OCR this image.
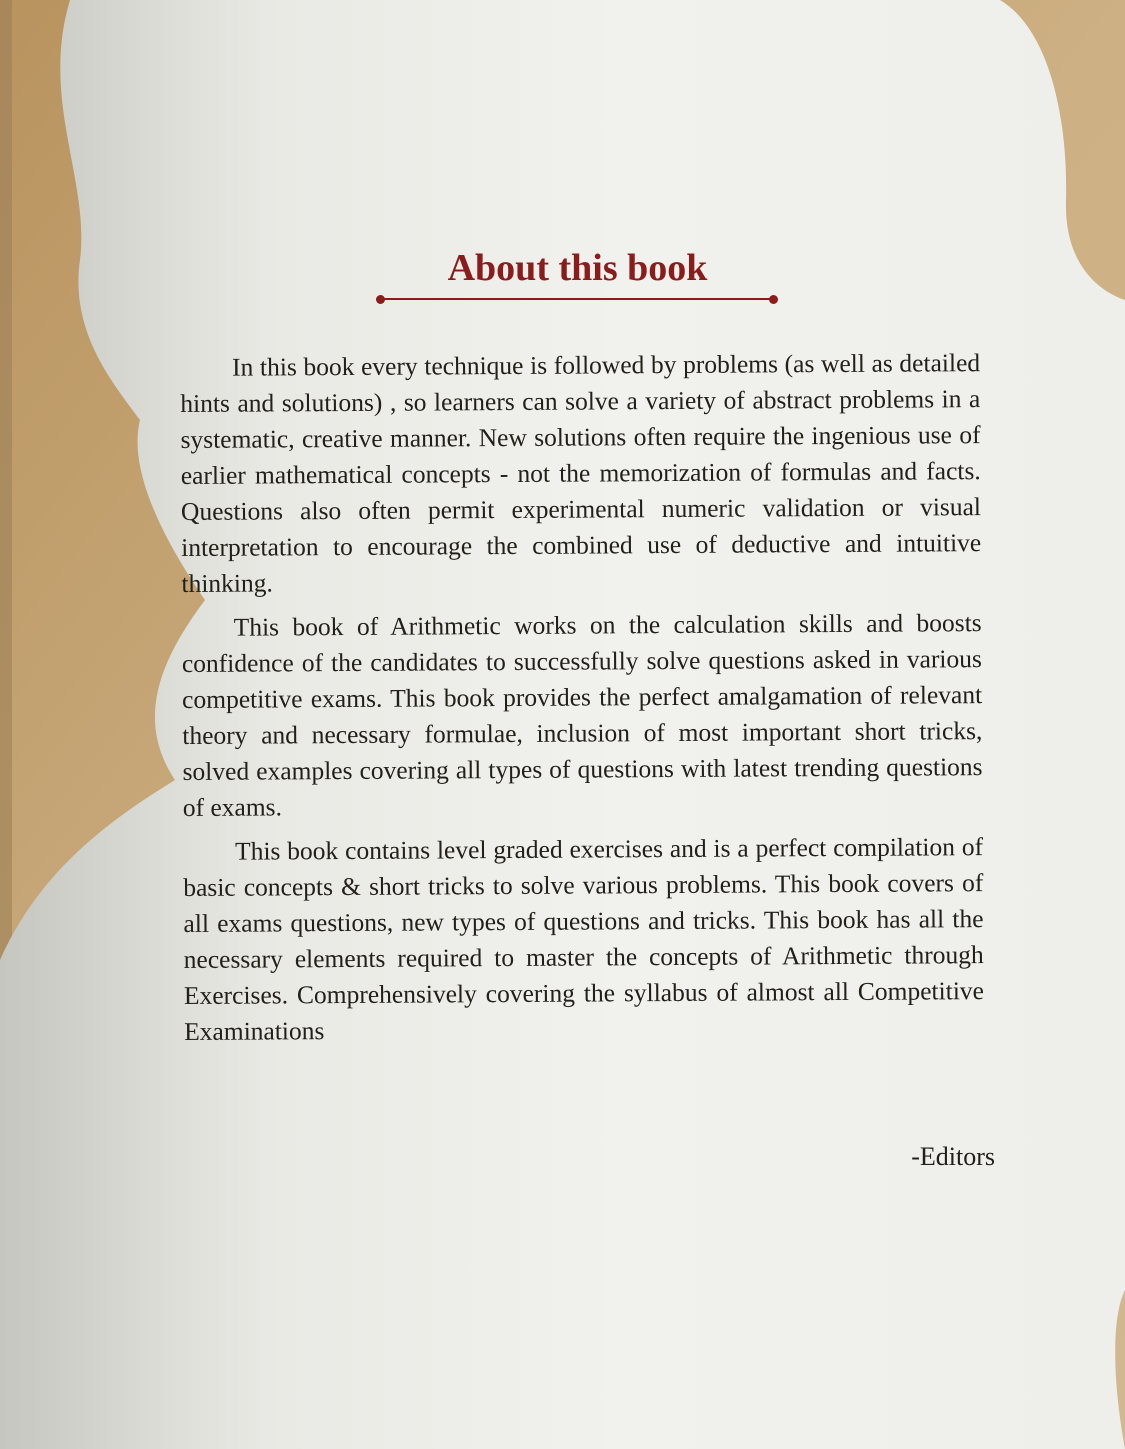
About this book

In this book every technique is followed by problems (as well as detailed hints and solutions) , so learners can solve a variety of abstract problems in a systematic, creative manner. New solutions often require the ingenious use of earlier mathematical concepts - not the memorization of formulas and facts. Questions also often permit experimental numeric validation or visual interpretation to encourage the combined use of deductive and intuitive thinking.

This book of Arithmetic works on the calculation skills and boosts confidence of the candidates to successfully solve questions asked in various competitive exams. This book provides the perfect amalgamation of relevant theory and necessary formulae, inclusion of most important short tricks, solved examples covering all types of questions with latest trending questions of exams.

This book contains level graded exercises and is a perfect compilation of basic concepts & short tricks to solve various problems. This book covers of all exams questions, new types of questions and tricks. This book has all the necessary elements required to master the concepts of Arithmetic through Exercises. Comprehensively covering the syllabus of almost all Competitive Examinations

-Editors
